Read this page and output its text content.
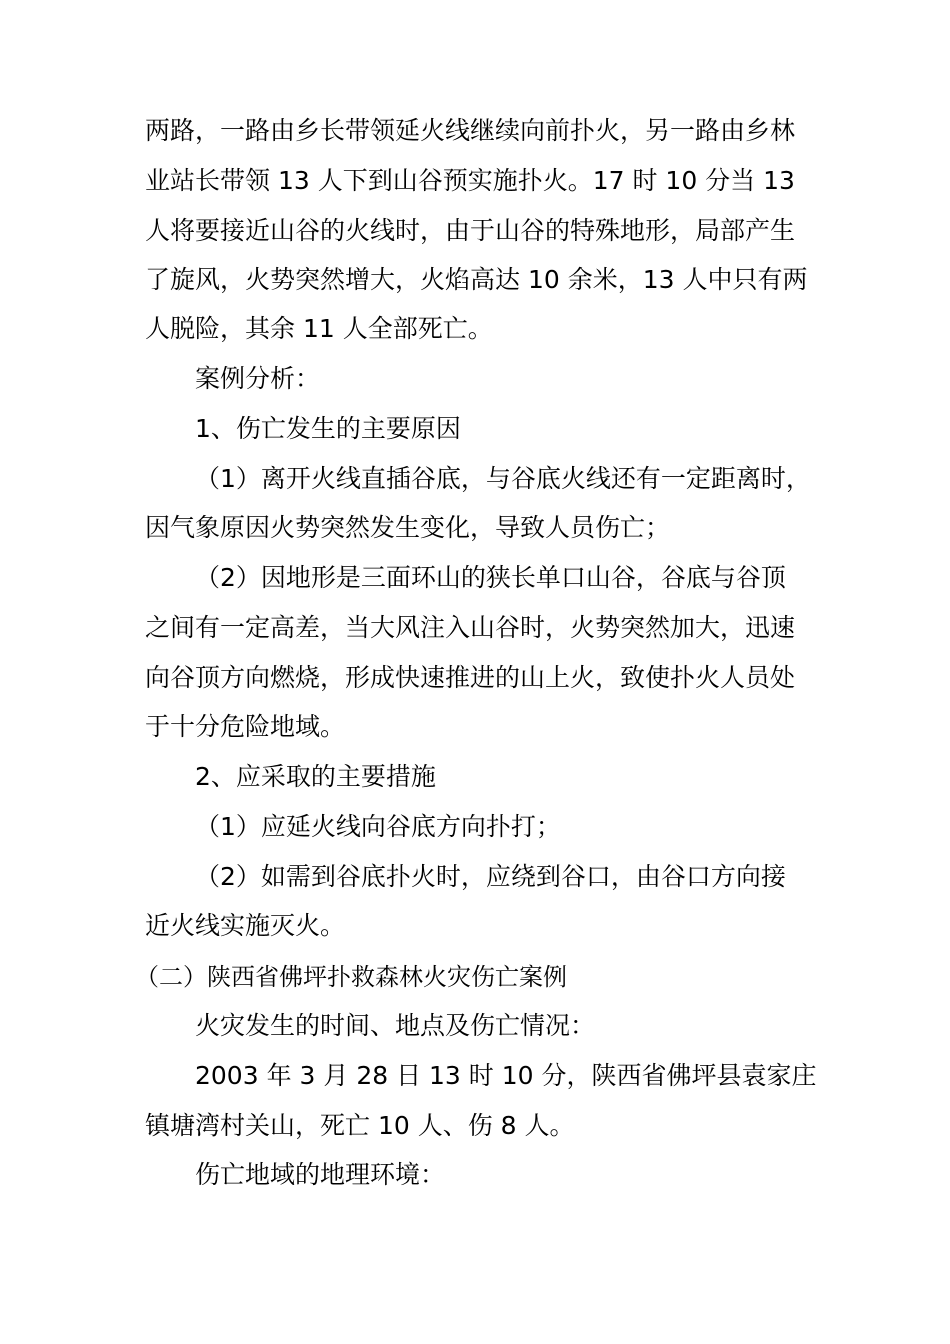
两路，一路由乡长带领延火线继续向前扑火，另一路由乡林
业站长带领 13 人下到山谷预实施扑火。17 时 10 分当 13
人将要接近山谷的火线时，由于山谷的特殊地形，局部产生
了旋风，火势突然增大，火焰高达 10 余米，13 人中只有两
人脱险，其余 11 人全部死亡。
案例分析：
1、伤亡发生的主要原因
（1）离开火线直插谷底，与谷底火线还有一定距离时，
因气象原因火势突然发生变化，导致人员伤亡；
（2）因地形是三面环山的狭长单口山谷，谷底与谷顶
之间有一定高差，当大风注入山谷时，火势突然加大，迅速
向谷顶方向燃烧，形成快速推进的山上火，致使扑火人员处
于十分危险地域。
2、应采取的主要措施
（1）应延火线向谷底方向扑打；
（2）如需到谷底扑火时，应绕到谷口，由谷口方向接
近火线实施灭火。
（二）陕西省佛坪扑救森林火灾伤亡案例
火灾发生的时间、地点及伤亡情况：
2003 年 3 月 28 日 13 时 10 分，陕西省佛坪县袁家庄
镇塘湾村关山，死亡 10 人、伤 8 人。
伤亡地域的地理环境：
